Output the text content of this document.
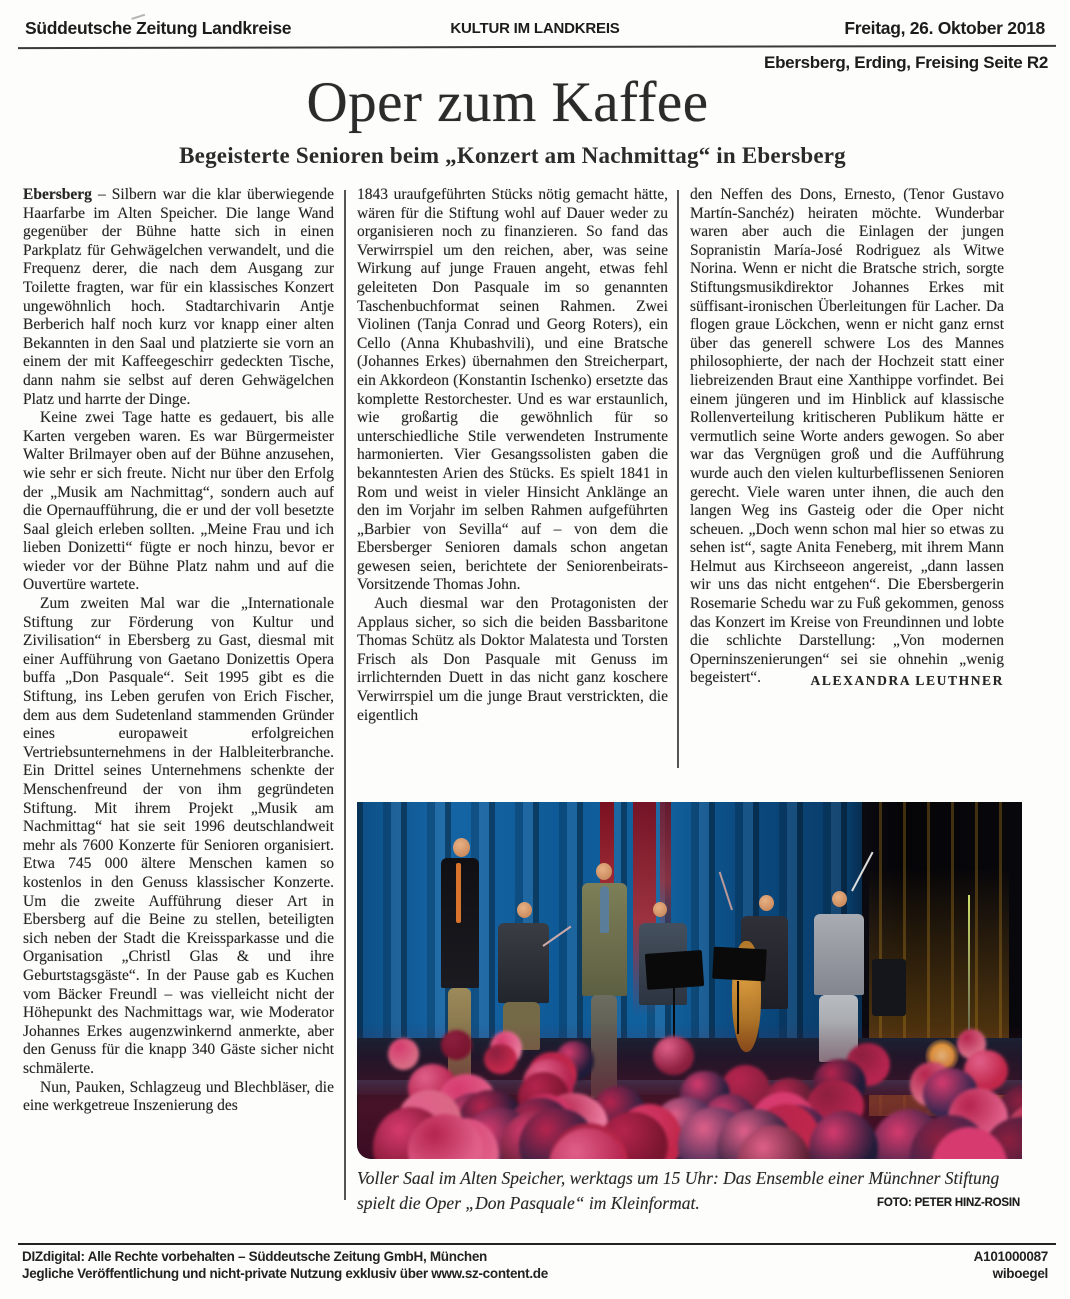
Süddeutsche Zeitung Landkreise	KULTUR IM LANDKREIS	Freitag, 26. Oktober 2018
Ebersberg, Erding, Freising Seite R2
Oper zum Kaffee
Begeisterte Senioren beim „Konzert am Nachmittag“ in Ebersberg

Ebersberg – Silbern war die klar überwiegende Haarfarbe im Alten Speicher. Die lange Wand gegenüber der Bühne hatte sich in einen Parkplatz für Gehwägelchen verwandelt, und die Frequenz derer, die nach dem Ausgang zur Toilette fragten, war für ein klassisches Konzert ungewöhnlich hoch. Stadtarchivarin Antje Berberich half noch kurz vor knapp einer alten Bekannten in den Saal und platzierte sie vorn an einem der mit Kaffeegeschirr gedeckten Tische, dann nahm sie selbst auf deren Gehwägelchen Platz und harrte der Dinge.

Keine zwei Tage hatte es gedauert, bis alle Karten vergeben waren. Es war Bürgermeister Walter Brilmayer oben auf der Bühne anzusehen, wie sehr er sich freute. Nicht nur über den Erfolg der „Musik am Nachmittag“, sondern auch auf die Opernaufführung, die er und der voll besetzte Saal gleich erleben sollten. „Meine Frau und ich lieben Donizetti“ fügte er noch hinzu, bevor er wieder vor der Bühne Platz nahm und auf die Ouvertüre wartete.

Zum zweiten Mal war die „Internationale Stiftung zur Förderung von Kultur und Zivilisation“ in Ebersberg zu Gast, diesmal mit einer Aufführung von Gaetano Donizettis Opera buffa „Don Pasquale“. Seit 1995 gibt es die Stiftung, ins Leben gerufen von Erich Fischer, dem aus dem Sudetenland stammenden Gründer eines europaweit erfolgreichen Vertriebsunternehmens in der Halbleiterbranche. Ein Drittel seines Unternehmens schenkte der Menschenfreund der von ihm gegründeten Stiftung. Mit ihrem Projekt „Musik am Nachmittag“ hat sie seit 1996 deutschlandweit mehr als 7600 Konzerte für Senioren organisiert. Etwa 745 000 ältere Menschen kamen so kostenlos in den Genuss klassischer Konzerte. Um die zweite Aufführung dieser Art in Ebersberg auf die Beine zu stellen, beteiligten sich neben der Stadt die Kreissparkasse und die Organisation „Christl Glas & und ihre Geburtstagsgäste“. In der Pause gab es Kuchen vom Bäcker Freundl – was vielleicht nicht der Höhepunkt des Nachmittags war, wie Moderator Johannes Erkes augenzwinkernd anmerkte, aber den Genuss für die knapp 340 Gäste sicher nicht schmälerte.

Nun, Pauken, Schlagzeug und Blechbläser, die eine werkgetreue Inszenierung des

1843 uraufgeführten Stücks nötig gemacht hätte, wären für die Stiftung wohl auf Dauer weder zu organisieren noch zu finanzieren. So fand das Verwirrspiel um den reichen, aber, was seine Wirkung auf junge Frauen angeht, etwas fehl geleiteten Don Pasquale im so genannten Taschenbuchformat seinen Rahmen. Zwei Violinen (Tanja Conrad und Georg Roters), ein Cello (Anna Khubashvili), und eine Bratsche (Johannes Erkes) übernahmen den Streicherpart, ein Akkordeon (Konstantin Ischenko) ersetzte das komplette Restorchester. Und es war erstaunlich, wie großartig die gewöhnlich für so unterschiedliche Stile verwendeten Instrumente harmonierten. Vier Gesangssolisten gaben die bekanntesten Arien des Stücks. Es spielt 1841 in Rom und weist in vieler Hinsicht Anklänge an den im Vorjahr im selben Rahmen aufgeführten „Barbier von Sevilla“ auf – von dem die Ebersberger Senioren damals schon angetan gewesen seien, berichtete der Seniorenbeirats-Vorsitzende Thomas John.

Auch diesmal war den Protagonisten der Applaus sicher, so sich die beiden Bassbaritone Thomas Schütz als Doktor Malatesta und Torsten Frisch als Don Pasquale mit Genuss im irrlichternden Duett in das nicht ganz koschere Verwirrspiel um die junge Braut verstrickten, die eigentlich

den Neffen des Dons, Ernesto, (Tenor Gustavo Martín-Sanchéz) heiraten möchte. Wunderbar waren aber auch die Einlagen der jungen Sopranistin María-José Rodriguez als Witwe Norina. Wenn er nicht die Bratsche strich, sorgte Stiftungsmusikdirektor Johannes Erkes mit süffisant-ironischen Überleitungen für Lacher. Da flogen graue Löckchen, wenn er nicht ganz ernst über das generell schwere Los des Mannes philosophierte, der nach der Hochzeit statt einer liebreizenden Braut eine Xanthippe vorfindet. Bei einem jüngeren und im Hinblick auf klassische Rollenverteilung kritischeren Publikum hätte er vermutlich seine Worte anders gewogen. So aber war das Vergnügen groß und die Aufführung wurde auch den vielen kulturbeflissenen Senioren gerecht. Viele waren unter ihnen, die auch den langen Weg ins Gasteig oder die Oper nicht scheuen. „Doch wenn schon mal hier so etwas zu sehen ist“, sagte Anita Feneberg, mit ihrem Mann Helmut aus Kirchseeon angereist, „dann lassen wir uns das nicht entgehen“. Die Ebersbergerin Rosemarie Schedu war zu Fuß gekommen, genoss das Konzert im Kreise von Freundinnen und lobte die schlichte Darstellung: „Von modernen Operninszenierungen“ sei sie ohnehin „wenig begeistert“.	ALEXANDRA LEUTHNER

Voller Saal im Alten Speicher, werktags um 15 Uhr: Das Ensemble einer Münchner Stiftung spielt die Oper „Don Pasquale“ im Kleinformat.	FOTO: PETER HINZ-ROSIN
DIZdigital: Alle Rechte vorbehalten – Süddeutsche Zeitung GmbH, München
Jegliche Veröffentlichung und nicht-private Nutzung exklusiv über www.sz-content.de
A101000087
wiboegel
